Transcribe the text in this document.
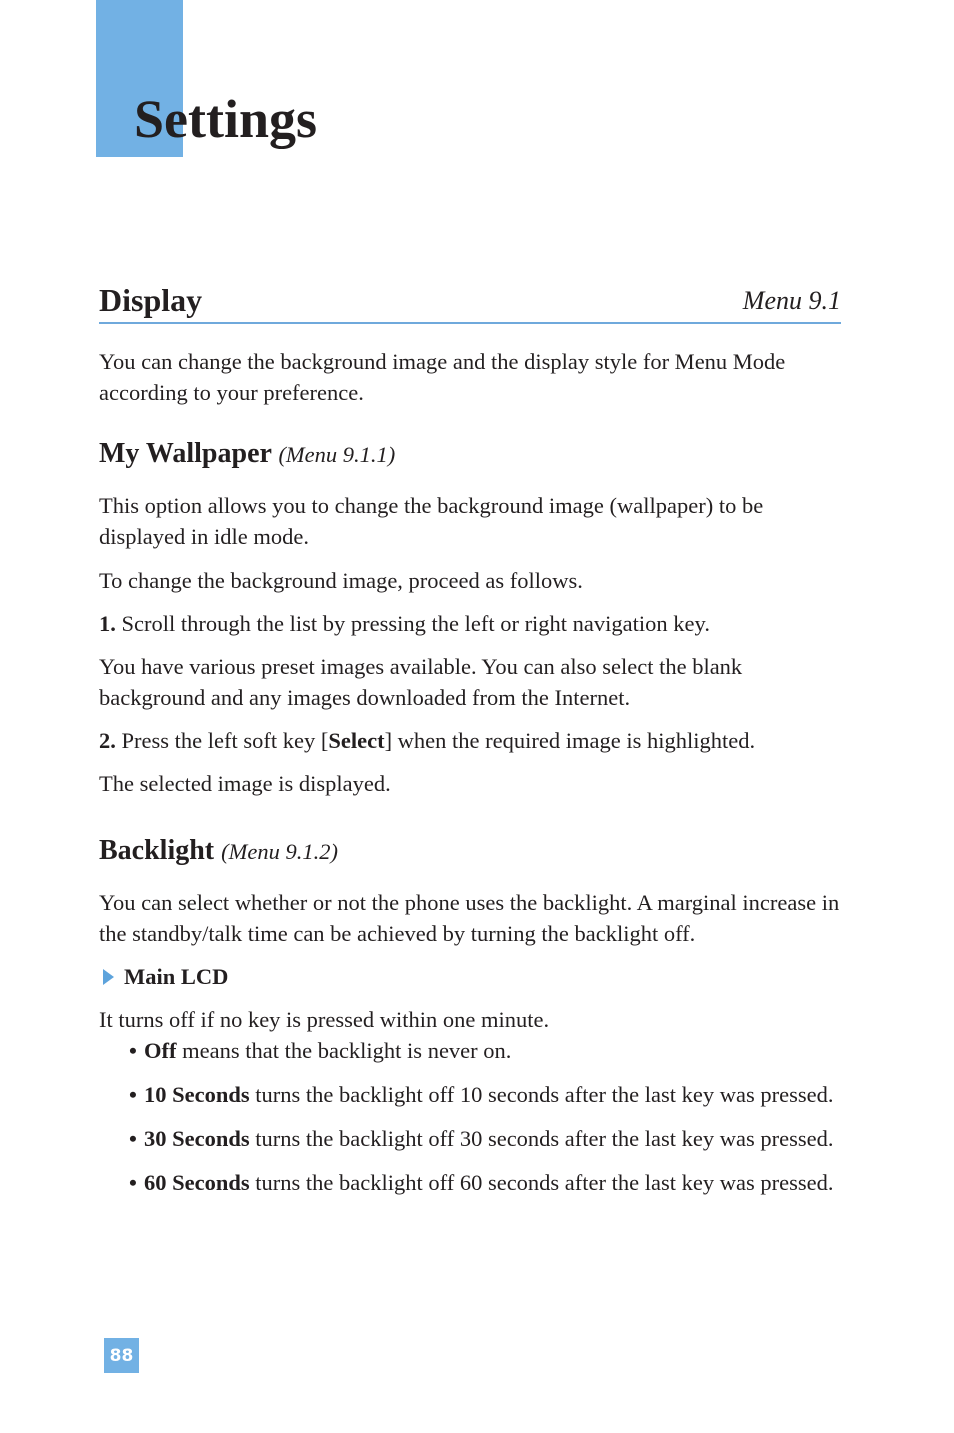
Settings
Display	Menu 9.1

You can change the background image and the display style for Menu Mode according to your preference.

My Wallpaper (Menu 9.1.1)

This option allows you to change the background image (wallpaper) to be displayed in idle mode.

To change the background image, proceed as follows.

1. Scroll through the list by pressing the left or right navigation key.

You have various preset images available. You can also select the blank background and any images downloaded from the Internet.

2. Press the left soft key [Select] when the required image is highlighted.

The selected image is displayed.

Backlight (Menu 9.1.2)

You can select whether or not the phone uses the backlight. A marginal increase in the standby/talk time can be achieved by turning the backlight off.

Main LCD

It turns off if no key is pressed within one minute.

• Off means that the backlight is never on.
• 10 Seconds turns the backlight off 10 seconds after the last key was pressed.
• 30 Seconds turns the backlight off 30 seconds after the last key was pressed.
• 60 Seconds turns the backlight off 60 seconds after the last key was pressed.
88
